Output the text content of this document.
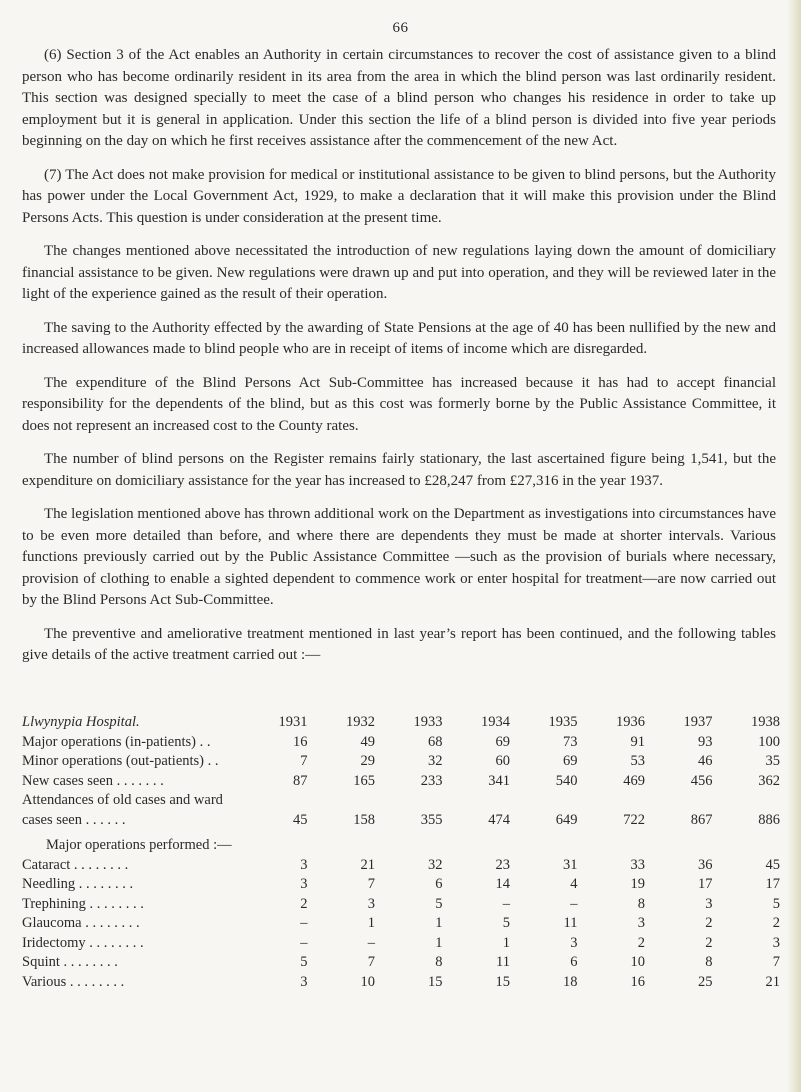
66

(6) Section 3 of the Act enables an Authority in certain circumstances to recover the cost of assistance given to a blind person who has become ordinarily resident in its area from the area in which the blind person was last ordinarily resident. This section was designed specially to meet the case of a blind person who changes his residence in order to take up employment but it is general in application. Under this section the life of a blind person is divided into five year periods beginning on the day on which he first receives assistance after the commencement of the new Act.

(7) The Act does not make provision for medical or institutional assistance to be given to blind persons, but the Authority has power under the Local Government Act, 1929, to make a declaration that it will make this provision under the Blind Persons Acts. This question is under consideration at the present time.

The changes mentioned above necessitated the introduction of new regulations laying down the amount of domiciliary financial assistance to be given. New regulations were drawn up and put into operation, and they will be reviewed later in the light of the experience gained as the result of their operation.

The saving to the Authority effected by the awarding of State Pensions at the age of 40 has been nullified by the new and increased allowances made to blind people who are in receipt of items of income which are disregarded.

The expenditure of the Blind Persons Act Sub-Committee has increased because it has had to accept financial responsibility for the dependents of the blind, but as this cost was formerly borne by the Public Assistance Committee, it does not represent an increased cost to the County rates.

The number of blind persons on the Register remains fairly stationary, the last ascertained figure being 1,541, but the expenditure on domiciliary assistance for the year has increased to £28,247 from £27,316 in the year 1937.

The legislation mentioned above has thrown additional work on the Department as investigations into circumstances have to be even more detailed than before, and where there are dependents they must be made at shorter intervals. Various functions previously carried out by the Public Assistance Committee —such as the provision of burials where necessary, provision of clothing to enable a sighted dependent to commence work or enter hospital for treatment—are now carried out by the Blind Persons Act Sub-Committee.

The preventive and ameliorative treatment mentioned in last year’s report has been continued, and the following tables give details of the active treatment carried out :—

Llwynypia Hospital.	1931	1932	1933	1934	1935	1936	1937	1938
Major operations (in-patients) . .	16	49	68	69	73	91	93	100
Minor operations (out-patients) . .	7	29	32	60	69	53	46	35
New cases seen . . . . . . .	87	165	233	341	540	469	456	362
Attendances of old cases and ward								
cases seen . . . . . .	45	158	355	474	649	722	867	886

Major operations performed :—								
Cataract . . . . . . . .	3	21	32	23	31	33	36	45
Needling . . . . . . . .	3	7	6	14	4	19	17	17
Trephining . . . . . . . .	2	3	5	–	–	8	3	5
Glaucoma . . . . . . . .	–	1	1	5	11	3	2	2
Iridectomy . . . . . . . .	–	–	1	1	3	2	2	3
Squint . . . . . . . .	5	7	8	11	6	10	8	7
Various . . . . . . . .	3	10	15	15	18	16	25	21
